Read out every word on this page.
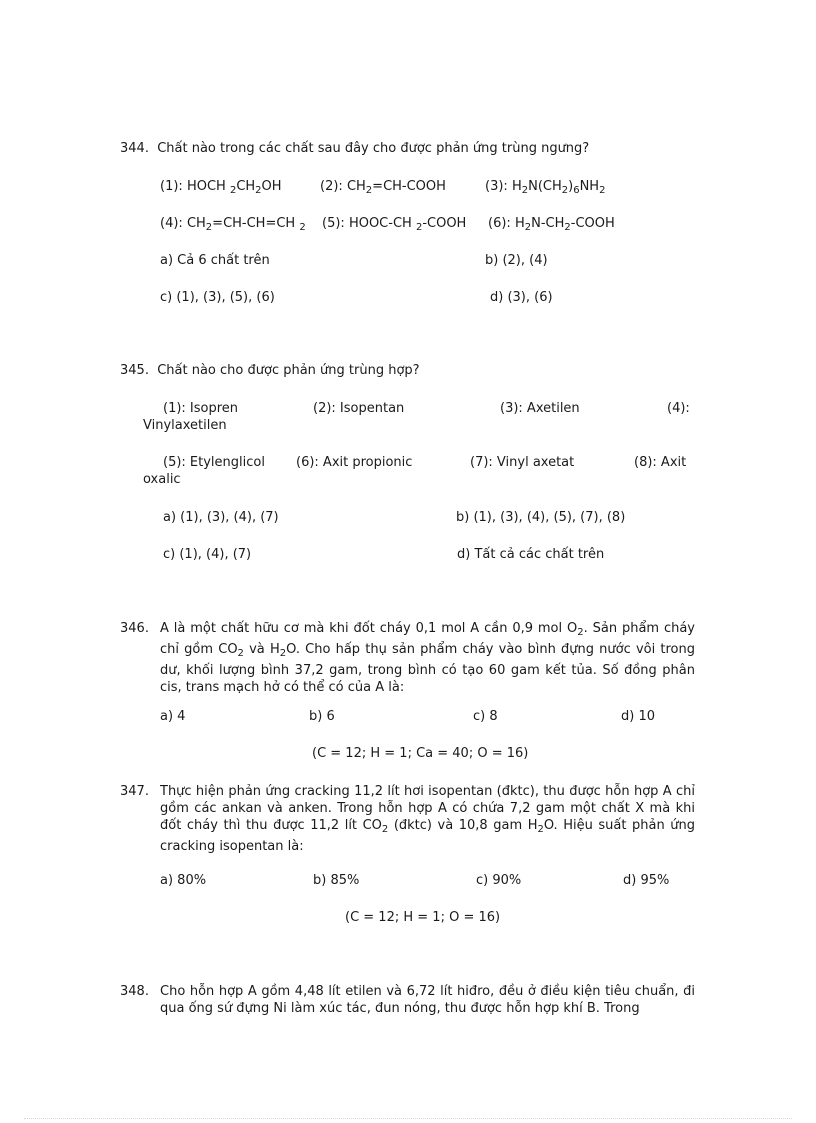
344. Chất nào trong các chất sau đây cho được phản ứng trùng ngưng?
(1): HOCH $_2CH_2OH$	(2): $CH_2=CH$-COOH	(3): $H_2N(CH_2)_6NH_2$
(4): $CH_2=CH-CH=CH$ $_2$ (5): HOOC-CH $_2$-COOH (6): $H_2N-CH_2$-COOH
a) Cả 6 chất trên	b) (2), (4)
c) (1), (3), (5), (6)	d) (3), (6)
345. Chất nào cho được phản ứng trùng hợp?
(1): Isopren	(2): Isopentan	(3): Axetilen	(4):
Vinylaxetilen
(5): Etylenglicol (6): Axit propionic	(7): Vinyl axetat	(8): Axit
oxalic
a) (1), (3), (4), (7)	b) (1), (3), (4), (5), (7), (8)
c) (1), (4), (7)	d) Tất cả các chất trên
346. A là một chất hữu cơ mà khi đốt cháy 0,1 mol A cần 0,9 mol $O_2$. Sản phẩm cháy chỉ gồm $CO_2$ và $H_2O$. Cho hấp thụ sản phẩm cháy vào bình đựng nước vôi trong dư, khối lượng bình 37,2 gam, trong bình có tạo 60 gam kết tủa. Số đồng phân cis, trans mạch hở có thể có của A là:
a) 4	b) 6	c) 8	d) 10
(C = 12; H = 1; Ca = 40; O = 16)
347. Thực hiện phản ứng cracking 11,2 lít hơi isopentan (đktc), thu được hỗn hợp A chỉ gồm các ankan và anken. Trong hỗn hợp A có chứa 7,2 gam một chất X mà khi đốt cháy thì thu được 11,2 lít $CO_2$ (đktc) và 10,8 gam $H_2O$. Hiệu suất phản ứng cracking isopentan là:
a) 80%	b) 85%	c) 90%	d) 95%
(C = 12; H = 1; O = 16)
348. Cho hỗn hợp A gồm 4,48 lít etilen và 6,72 lít hiđro, đều ở điều kiện tiêu chuẩn, đi qua ống sứ đựng Ni làm xúc tác, đun nóng, thu được hỗn hợp khí B. Trong
